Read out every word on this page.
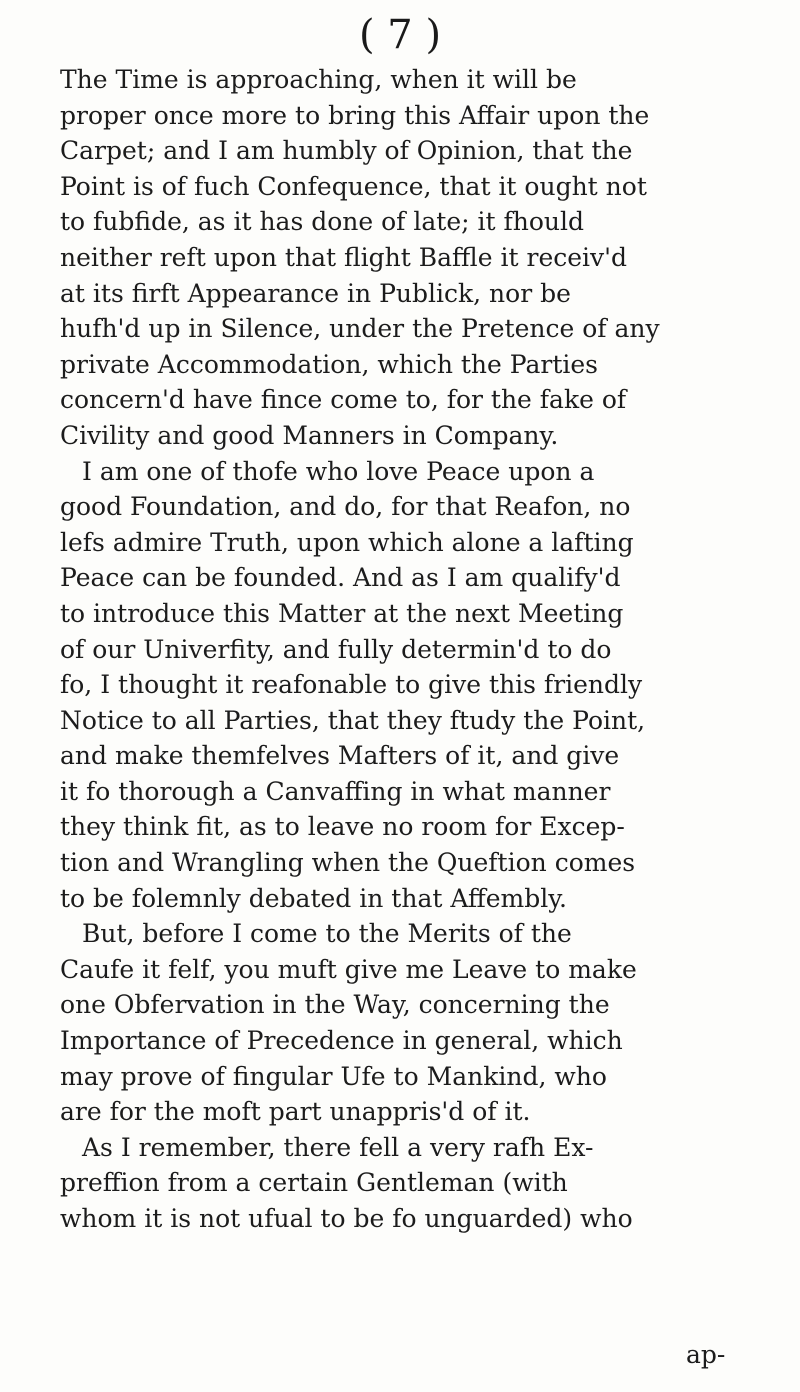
( 7 )
The Time is approaching, when it will be
proper once more to bring this Affair upon the
Carpet; and I am humbly of Opinion, that the
Point is of fuch Confequence, that it ought not
to fubfide, as it has done of late; it fhould
neither reft upon that flight Baffle it receiv'd
at its firft Appearance in Publick, nor be
hufh'd up in Silence, under the Pretence of any
private Accommodation, which the Parties
concern'd have fince come to, for the fake of
Civility and good Manners in Company.
I am one of thofe who love Peace upon a
good Foundation, and do, for that Reafon, no
lefs admire Truth, upon which alone a lafting
Peace can be founded. And as I am qualify'd
to introduce this Matter at the next Meeting
of our Univerfity, and fully determin'd to do
fo, I thought it reafonable to give this friendly
Notice to all Parties, that they ftudy the Point,
and make themfelves Mafters of it, and give
it fo thorough a Canvaffing in what manner
they think fit, as to leave no room for Excep-
tion and Wrangling when the Queftion comes
to be folemnly debated in that Affembly.
But, before I come to the Merits of the
Caufe it felf, you muft give me Leave to make
one Obfervation in the Way, concerning the
Importance of Precedence in general, which
may prove of fingular Ufe to Mankind, who
are for the moft part unappris'd of it.
As I remember, there fell a very rafh Ex-
preffion from a certain Gentleman (with
whom it is not ufual to be fo unguarded) who
ap-
